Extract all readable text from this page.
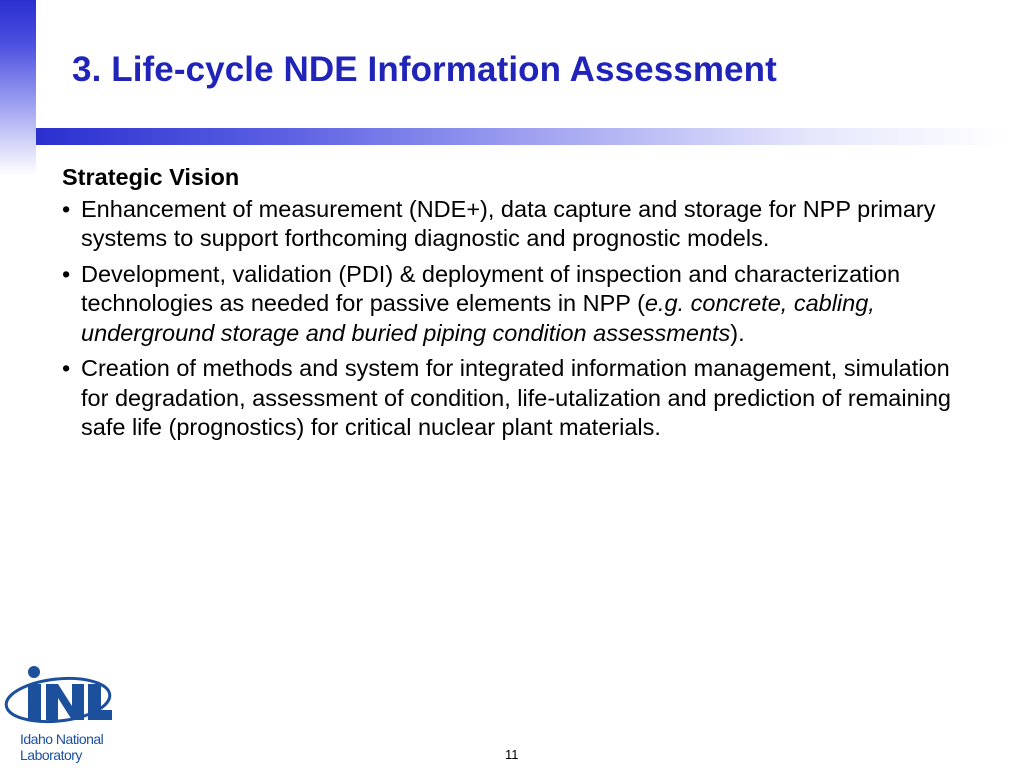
3. Life-cycle NDE Information Assessment
Strategic Vision
• Enhancement of measurement (NDE+), data capture and storage for NPP primary systems to support forthcoming diagnostic and prognostic models.
• Development, validation (PDI) & deployment of inspection and characterization technologies as needed for passive elements in NPP (e.g. concrete, cabling, underground storage and buried piping condition assessments).
• Creation of methods and system for integrated information management, simulation for degradation, assessment of condition, life-utalization and prediction of remaining safe life (prognostics) for critical nuclear plant materials.
Idaho National
Laboratory	11
